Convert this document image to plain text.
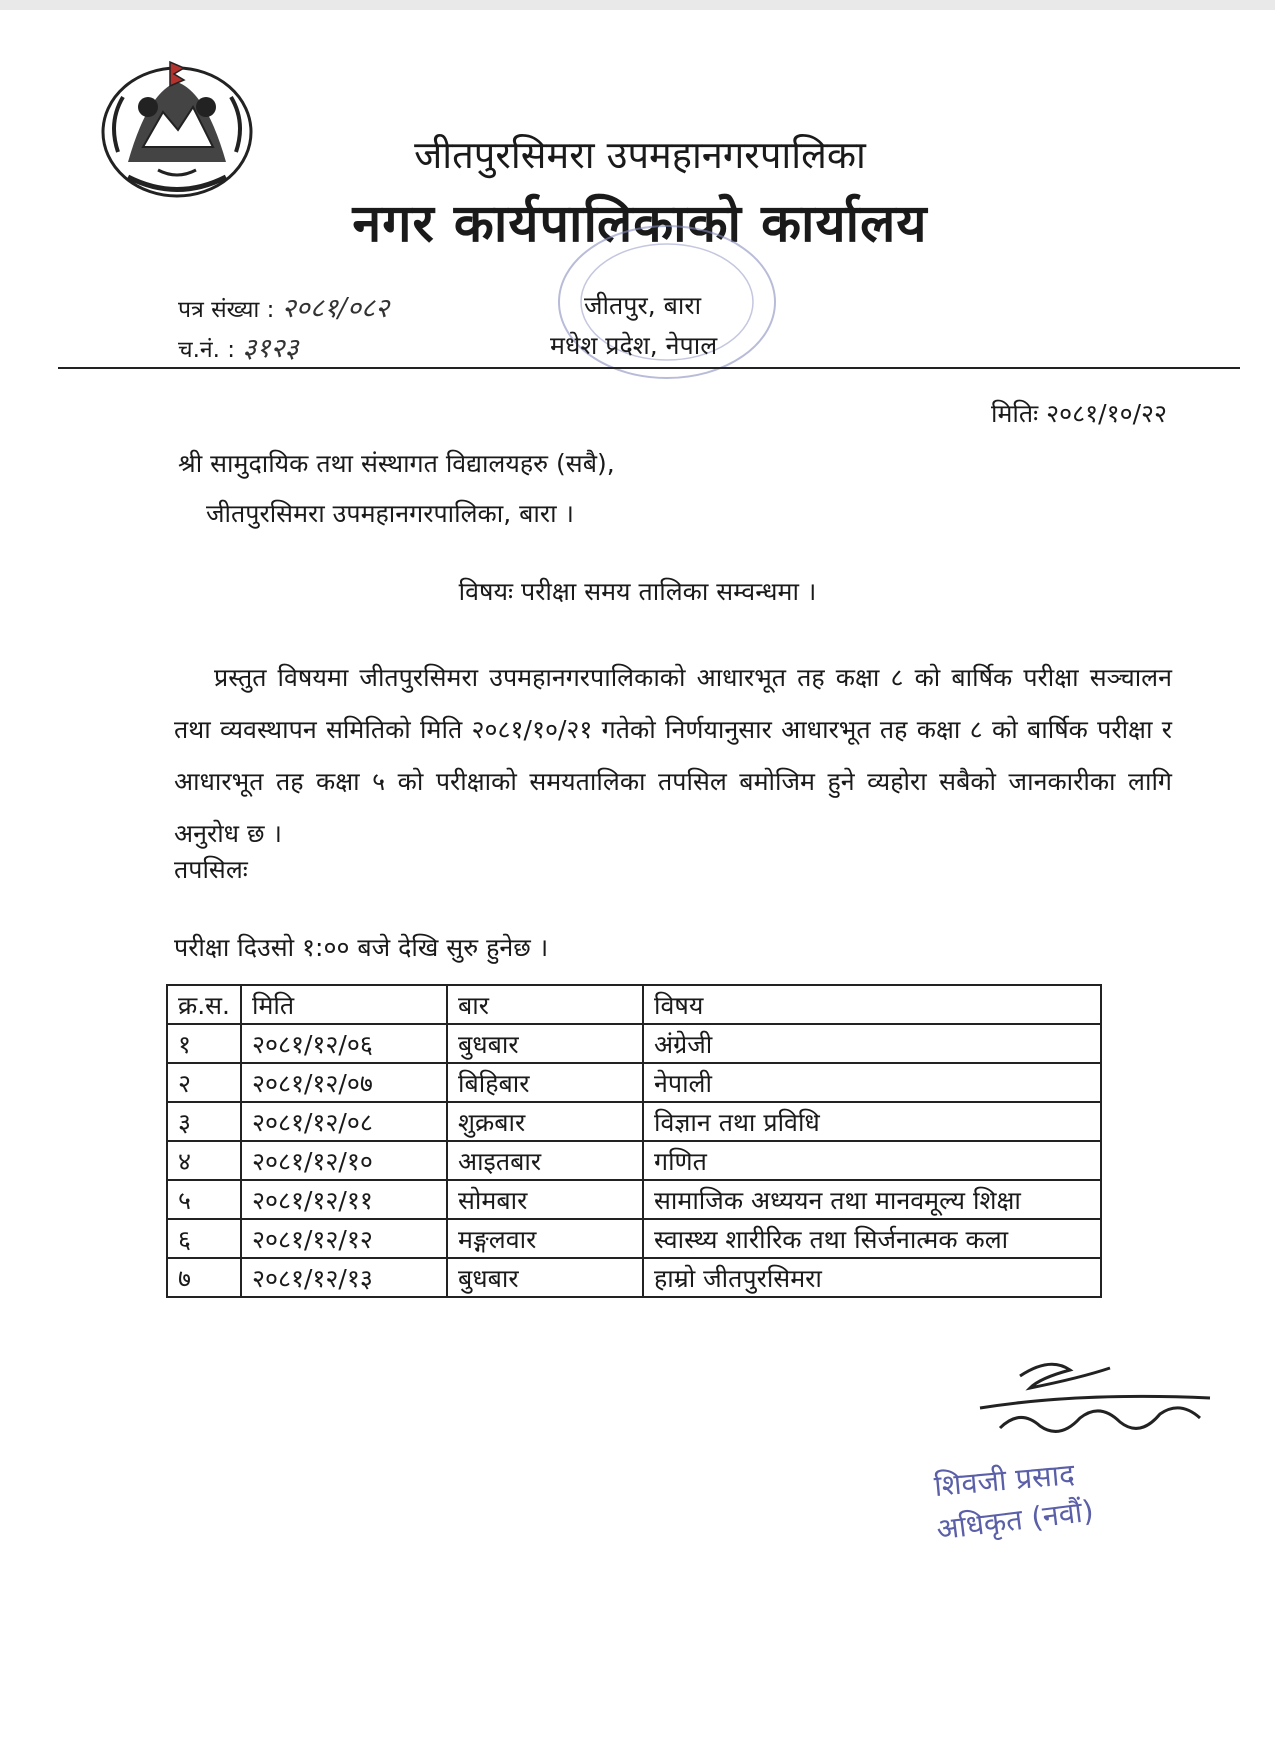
जीतपुरसिमरा उपमहानगरपालिका
नगर कार्यपालिकाको कार्यालय
पत्र संख्या : २०८१/०८२
च.नं. : ३१२३
जीतपुर, बारा
मधेश प्रदेश, नेपाल
मितिः २०८१/१०/२२
श्री सामुदायिक तथा संस्थागत विद्यालयहरु (सबै),
जीतपुरसिमरा उपमहानगरपालिका, बारा ।
विषयः परीक्षा समय तालिका सम्वन्धमा ।
प्रस्तुत विषयमा जीतपुरसिमरा उपमहानगरपालिकाको आधारभूत तह कक्षा ८ को बार्षिक परीक्षा सञ्चालन तथा व्यवस्थापन समितिको मिति २०८१/१०/२१ गतेको निर्णयानुसार आधारभूत तह कक्षा ८ को बार्षिक परीक्षा र आधारभूत तह कक्षा ५ को परीक्षाको समयतालिका तपसिल बमोजिम हुने व्यहोरा सबैको जानकारीका लागि अनुरोध छ ।
तपसिलः
परीक्षा दिउसो १:०० बजे देखि सुरु हुनेछ ।
क्र.स.	मिति	बार	विषय
१	२०८१/१२/०६	बुधबार	अंग्रेजी
२	२०८१/१२/०७	बिहिबार	नेपाली
३	२०८१/१२/०८	शुक्रबार	विज्ञान तथा प्रविधि
४	२०८१/१२/१०	आइतबार	गणित
५	२०८१/१२/११	सोमबार	सामाजिक अध्ययन तथा मानवमूल्य शिक्षा
६	२०८१/१२/१२	मङ्गलवार	स्वास्थ्य शारीरिक तथा सिर्जनात्मक कला
७	२०८१/१२/१३	बुधबार	हाम्रो जीतपुरसिमरा
शिवजी प्रसाद
अधिकृत (नवौं)
